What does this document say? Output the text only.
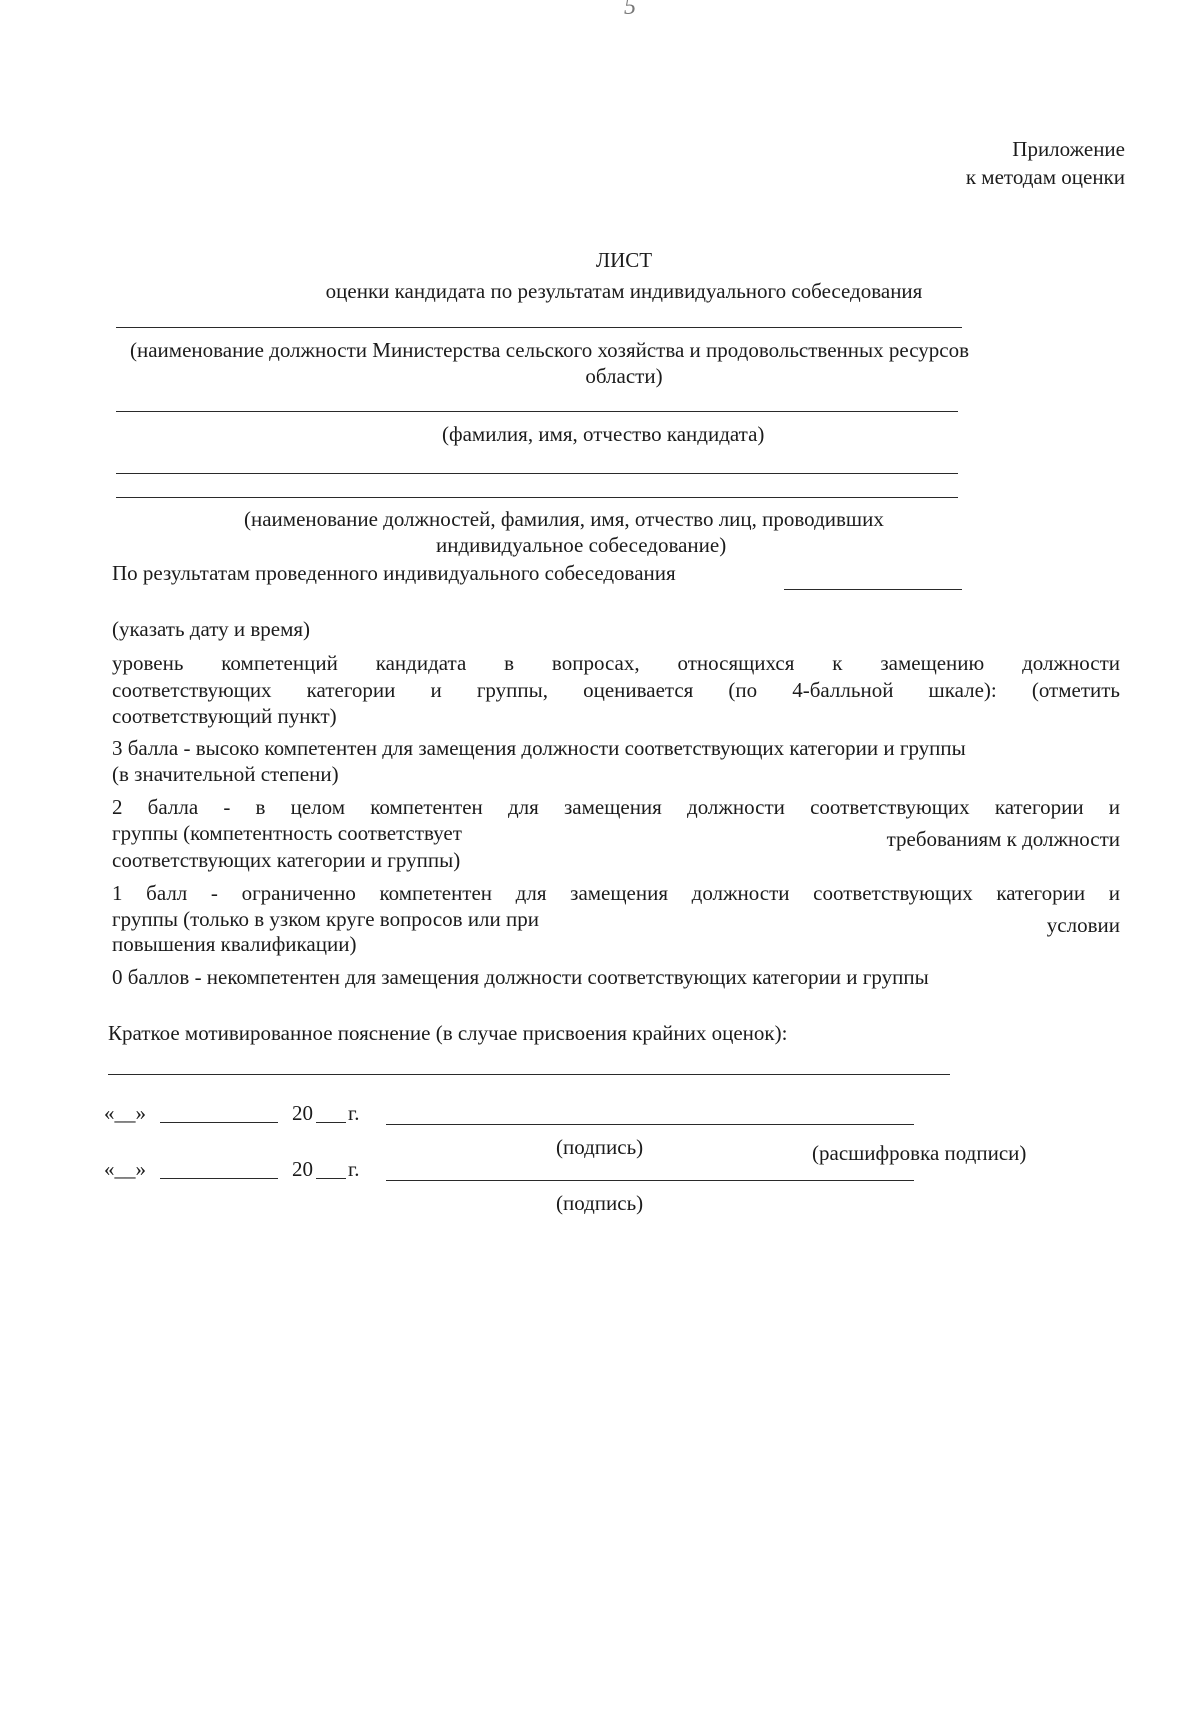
5
Приложение
к методам оценки
ЛИСТ
оценки кандидата по результатам индивидуального собеседования
(наименование должности Министерства сельского хозяйства и продовольственных ресурсов
области)
(фамилия, имя, отчество кандидата)
(наименование должностей, фамилия, имя, отчество лиц, проводивших
индивидуальное собеседование)
По результатам проведенного индивидуального собеседования
(указать дату и время)
уровень компетенций кандидата в вопросах, относящихся к замещению должности
соответствующих категории и группы, оценивается (по 4-балльной шкале): (отметить
соответствующий пункт)
3 балла - высоко компетентен для замещения должности соответствующих категории и группы
(в значительной степени)
2 балла - в целом компетентен для замещения должности соответствующих категории и
группы (компетентность соответствует	требованиям к должности
соответствующих категории и группы)
1 балл - ограниченно компетентен для замещения должности соответствующих категории и
группы (только в узком круге вопросов или при	условии
повышения квалификации)
0 баллов - некомпетентен для замещения должности соответствующих категории и группы
Краткое мотивированное пояснение (в случае присвоения крайних оценок):
«__»	20 г.
(подпись)	(расшифровка подписи)
«__»	20 г.
(подпись)
